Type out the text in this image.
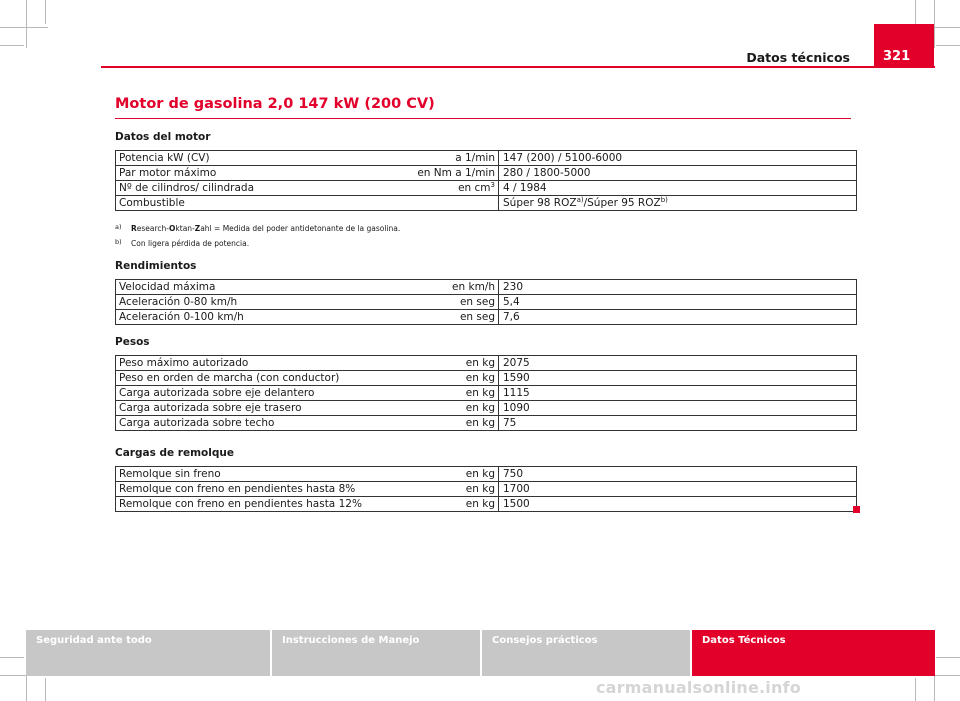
Datos técnicos	321
Motor de gasolina 2,0 147 kW (200 CV)
Datos del motor
Potencia kW (CV)	a 1/min	147 (200) / 5100-6000
Par motor máximo	en Nm a 1/min	280 / 1800-5000
Nº de cilindros/ cilindrada	en $cm^3$	4 / 1984
Combustible		Súper 98 ROZ$^{a)}$/Súper 95 ROZ$^{b)}$
a) Research-Oktan-Zahl = Medida del poder antidetonante de la gasolina.
b) Con ligera pérdida de potencia.
Rendimientos
Velocidad máxima	en km/h	230
Aceleración 0-80 km/h	en seg	5,4
Aceleración 0-100 km/h	en seg	7,6
Pesos
Peso máximo autorizado	en kg	2075
Peso en orden de marcha (con conductor)	en kg	1590
Carga autorizada sobre eje delantero	en kg	1115
Carga autorizada sobre eje trasero	en kg	1090
Carga autorizada sobre techo	en kg	75
Cargas de remolque
Remolque sin freno	en kg	750
Remolque con freno en pendientes hasta 8%	en kg	1700
Remolque con freno en pendientes hasta 12%	en kg	1500
Seguridad ante todo	Instrucciones de Manejo	Consejos prácticos	Datos Técnicos
carmanualsonline.info
